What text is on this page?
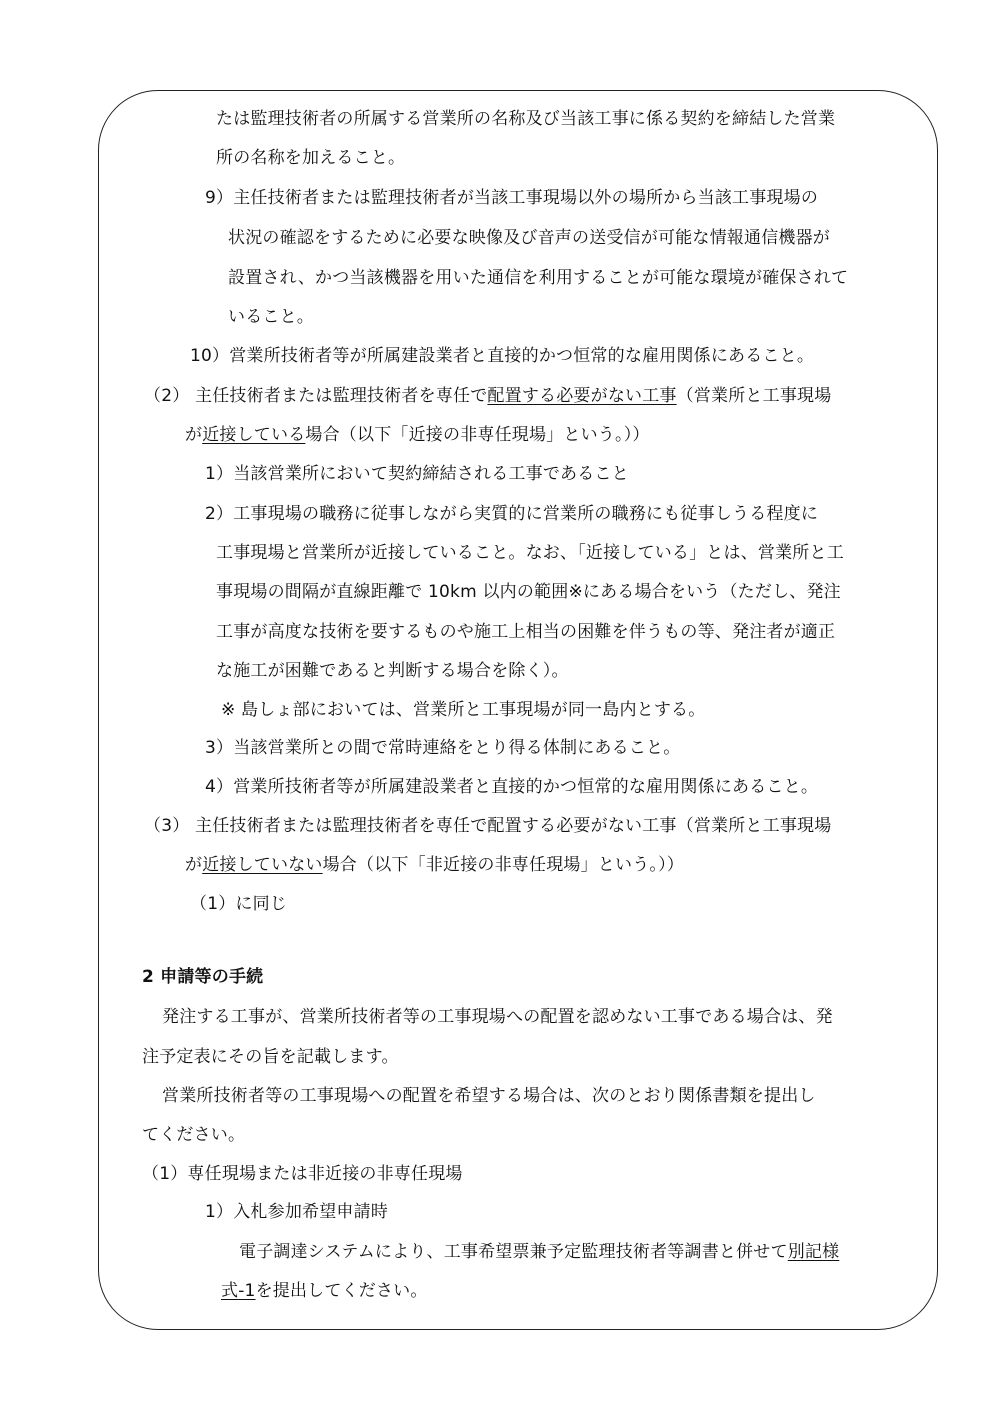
たは監理技術者の所属する営業所の名称及び当該工事に係る契約を締結した営業
所の名称を加えること。
9）主任技術者または監理技術者が当該工事現場以外の場所から当該工事現場の
状況の確認をするために必要な映像及び音声の送受信が可能な情報通信機器が
設置され、かつ当該機器を用いた通信を利用することが可能な環境が確保されて
いること。
10）営業所技術者等が所属建設業者と直接的かつ恒常的な雇用関係にあること。
（2） 主任技術者または監理技術者を専任で配置する必要がない工事（営業所と工事現場
が近接している場合（以下「近接の非専任現場」という。））
1）当該営業所において契約締結される工事であること
2）工事現場の職務に従事しながら実質的に営業所の職務にも従事しうる程度に
工事現場と営業所が近接していること。なお、「近接している」とは、営業所と工
事現場の間隔が直線距離で 10km 以内の範囲※にある場合をいう（ただし、発注
工事が高度な技術を要するものや施工上相当の困難を伴うもの等、発注者が適正
な施工が困難であると判断する場合を除く）。
※ 島しょ部においては、営業所と工事現場が同一島内とする。
3）当該営業所との間で常時連絡をとり得る体制にあること。
4）営業所技術者等が所属建設業者と直接的かつ恒常的な雇用関係にあること。
（3） 主任技術者または監理技術者を専任で配置する必要がない工事（営業所と工事現場
が近接していない場合（以下「非近接の非専任現場」という。））
（1）に同じ
2 申請等の手続
発注する工事が、営業所技術者等の工事現場への配置を認めない工事である場合は、発
注予定表にその旨を記載します。
営業所技術者等の工事現場への配置を希望する場合は、次のとおり関係書類を提出し
てください。
（1）専任現場または非近接の非専任現場
1）入札参加希望申請時
電子調達システムにより、工事希望票兼予定監理技術者等調書と併せて別記様
式-1を提出してください。
